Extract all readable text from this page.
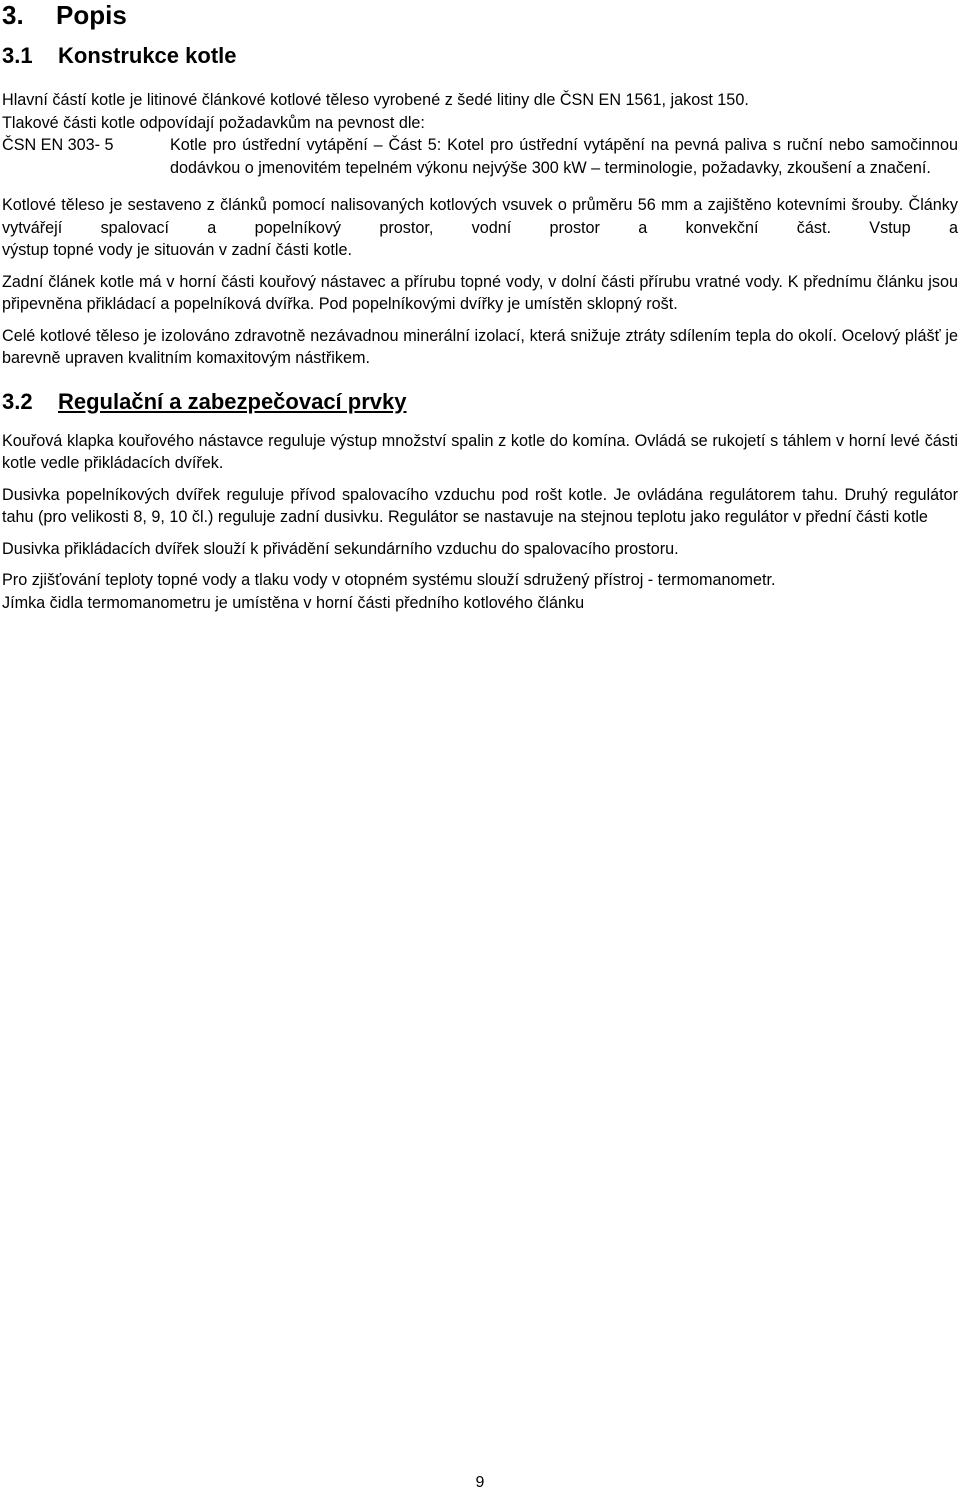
3. Popis
3.1 Konstrukce kotle

Hlavní částí kotle je litinové článkové kotlové těleso vyrobené z šedé litiny dle ČSN EN 1561, jakost 150.

Tlakové části kotle odpovídají požadavkům na pevnost dle:

ČSN EN 303- 5	Kotle pro ústřední vytápění – Část 5: Kotel pro ústřední vytápění na pevná paliva s ruční nebo samočinnou dodávkou o jmenovitém tepelném výkonu nejvýše 300 kW – terminologie, požadavky, zkoušení a značení.

Kotlové těleso je sestaveno z článků pomocí nalisovaných kotlových vsuvek o průměru 56 mm a zajištěno kotevními šrouby. Články vytvářejí spalovací a popelníkový prostor, vodní prostor a konvekční část. Vstup a

výstup topné vody je situován v zadní části kotle.

Zadní článek kotle má v horní části kouřový nástavec a přírubu topné vody, v dolní části přírubu vratné vody. K přednímu článku jsou připevněna přikládací a popelníková dvířka. Pod popelníkovými dvířky je umístěn sklopný rošt.

Celé kotlové těleso je izolováno zdravotně nezávadnou minerální izolací, která snižuje ztráty sdílením tepla do okolí. Ocelový plášť je barevně upraven kvalitním komaxitovým nástřikem.

3.2 Regulační a zabezpečovací prvky

Kouřová klapka kouřového nástavce reguluje výstup množství spalin z kotle do komína. Ovládá se rukojetí s táhlem v horní levé části kotle vedle přikládacích dvířek.

Dusivka popelníkových dvířek reguluje přívod spalovacího vzduchu pod rošt kotle. Je ovládána regulátorem tahu. Druhý regulátor tahu (pro velikosti 8, 9, 10 čl.) reguluje zadní dusivku. Regulátor se nastavuje na stejnou teplotu jako regulátor v přední části kotle

Dusivka přikládacích dvířek slouží k přivádění sekundárního vzduchu do spalovacího prostoru.

Pro zjišťování teploty topné vody a tlaku vody v otopném systému slouží sdružený přístroj - termomanometr.

Jímka čidla termomanometru je umístěna v horní části předního kotlového článku

9
